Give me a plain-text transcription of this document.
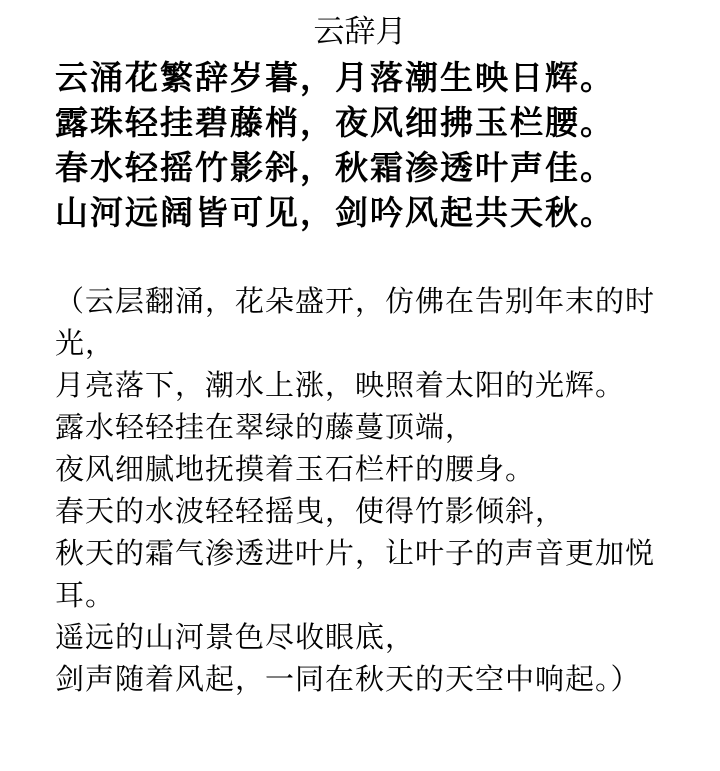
云辞月
云涌花繁辞岁暮，月落潮生映日辉。
露珠轻挂碧藤梢，夜风细拂玉栏腰。
春水轻摇竹影斜，秋霜渗透叶声佳。
山河远阔皆可见，剑吟风起共天秋。
（云层翻涌，花朵盛开，仿佛在告别年末的时光，
月亮落下，潮水上涨，映照着太阳的光辉。
露水轻轻挂在翠绿的藤蔓顶端，
夜风细腻地抚摸着玉石栏杆的腰身。
春天的水波轻轻摇曳，使得竹影倾斜，
秋天的霜气渗透进叶片，让叶子的声音更加悦耳。
遥远的山河景色尽收眼底，
剑声随着风起，一同在秋天的天空中响起。）
